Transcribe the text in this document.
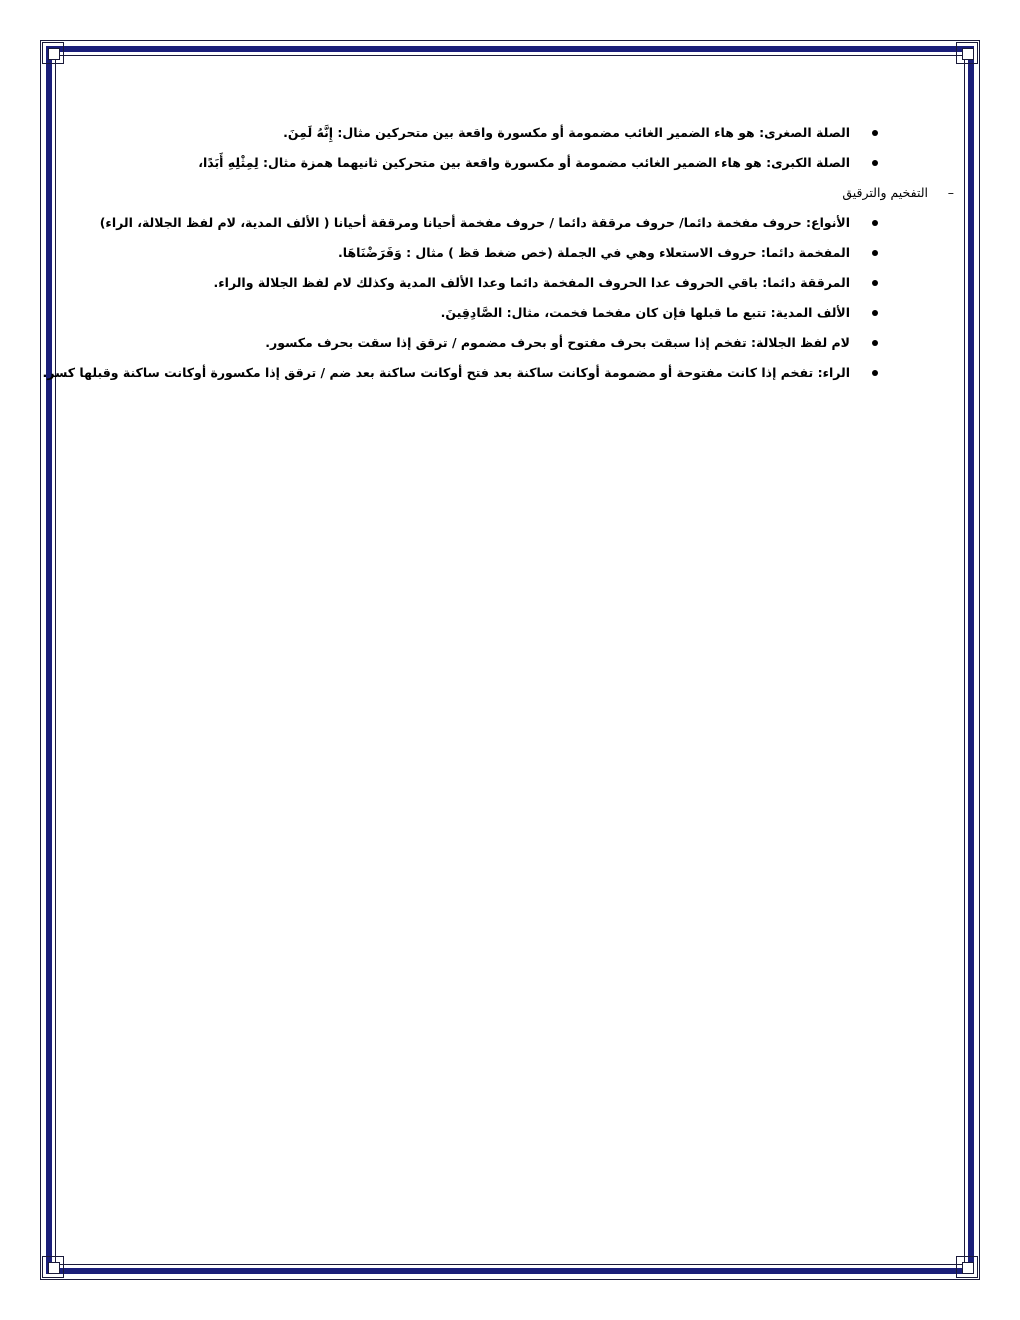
الصلة الصغرى: هو هاء الضمير الغائب مضمومة أو مكسورة واقعة بين متحركين مثال: إِنَّهُ لَمِنَ.
الصلة الكبرى: هو هاء الضمير الغائب مضمومة أو مكسورة واقعة بين متحركين ثانيهما همزة مثال: لِمِثْلِهِ أَبَدًا،
–
التفخيم والترقيق
الأنواع: حروف مفخمة دائما/ حروف مرققة دائما / حروف مفخمة أحيانا ومرققة أحيانا ( الألف المدية، لام لفظ الجلالة، الراء)
المفخمة دائما: حروف الاستعلاء وهي في الجملة (خص ضغط قظ ) مثال : وَفَرَضْنَاهَا.
المرققة دائما: باقي الحروف عدا الحروف المفخمة دائما وعدا الألف المدية وكذلك لام لفظ الجلالة والراء.
الألف المدية: تتبع ما قبلها فإن كان مفخما فخمت، مثال: الصَّادِقِينَ.
لام لفظ الجلالة: تفخم إذا سبقت بحرف مفتوح أو بحرف مضموم / ترقق إذا سقت بحرف مكسور.
الراء: تفخم إذا كانت مفتوحة أو مضمومة أوكانت ساكنة بعد فتح أوكانت ساكنة بعد ضم / ترقق إذا مكسورة أوكانت ساكنة وقبلها كسر.
